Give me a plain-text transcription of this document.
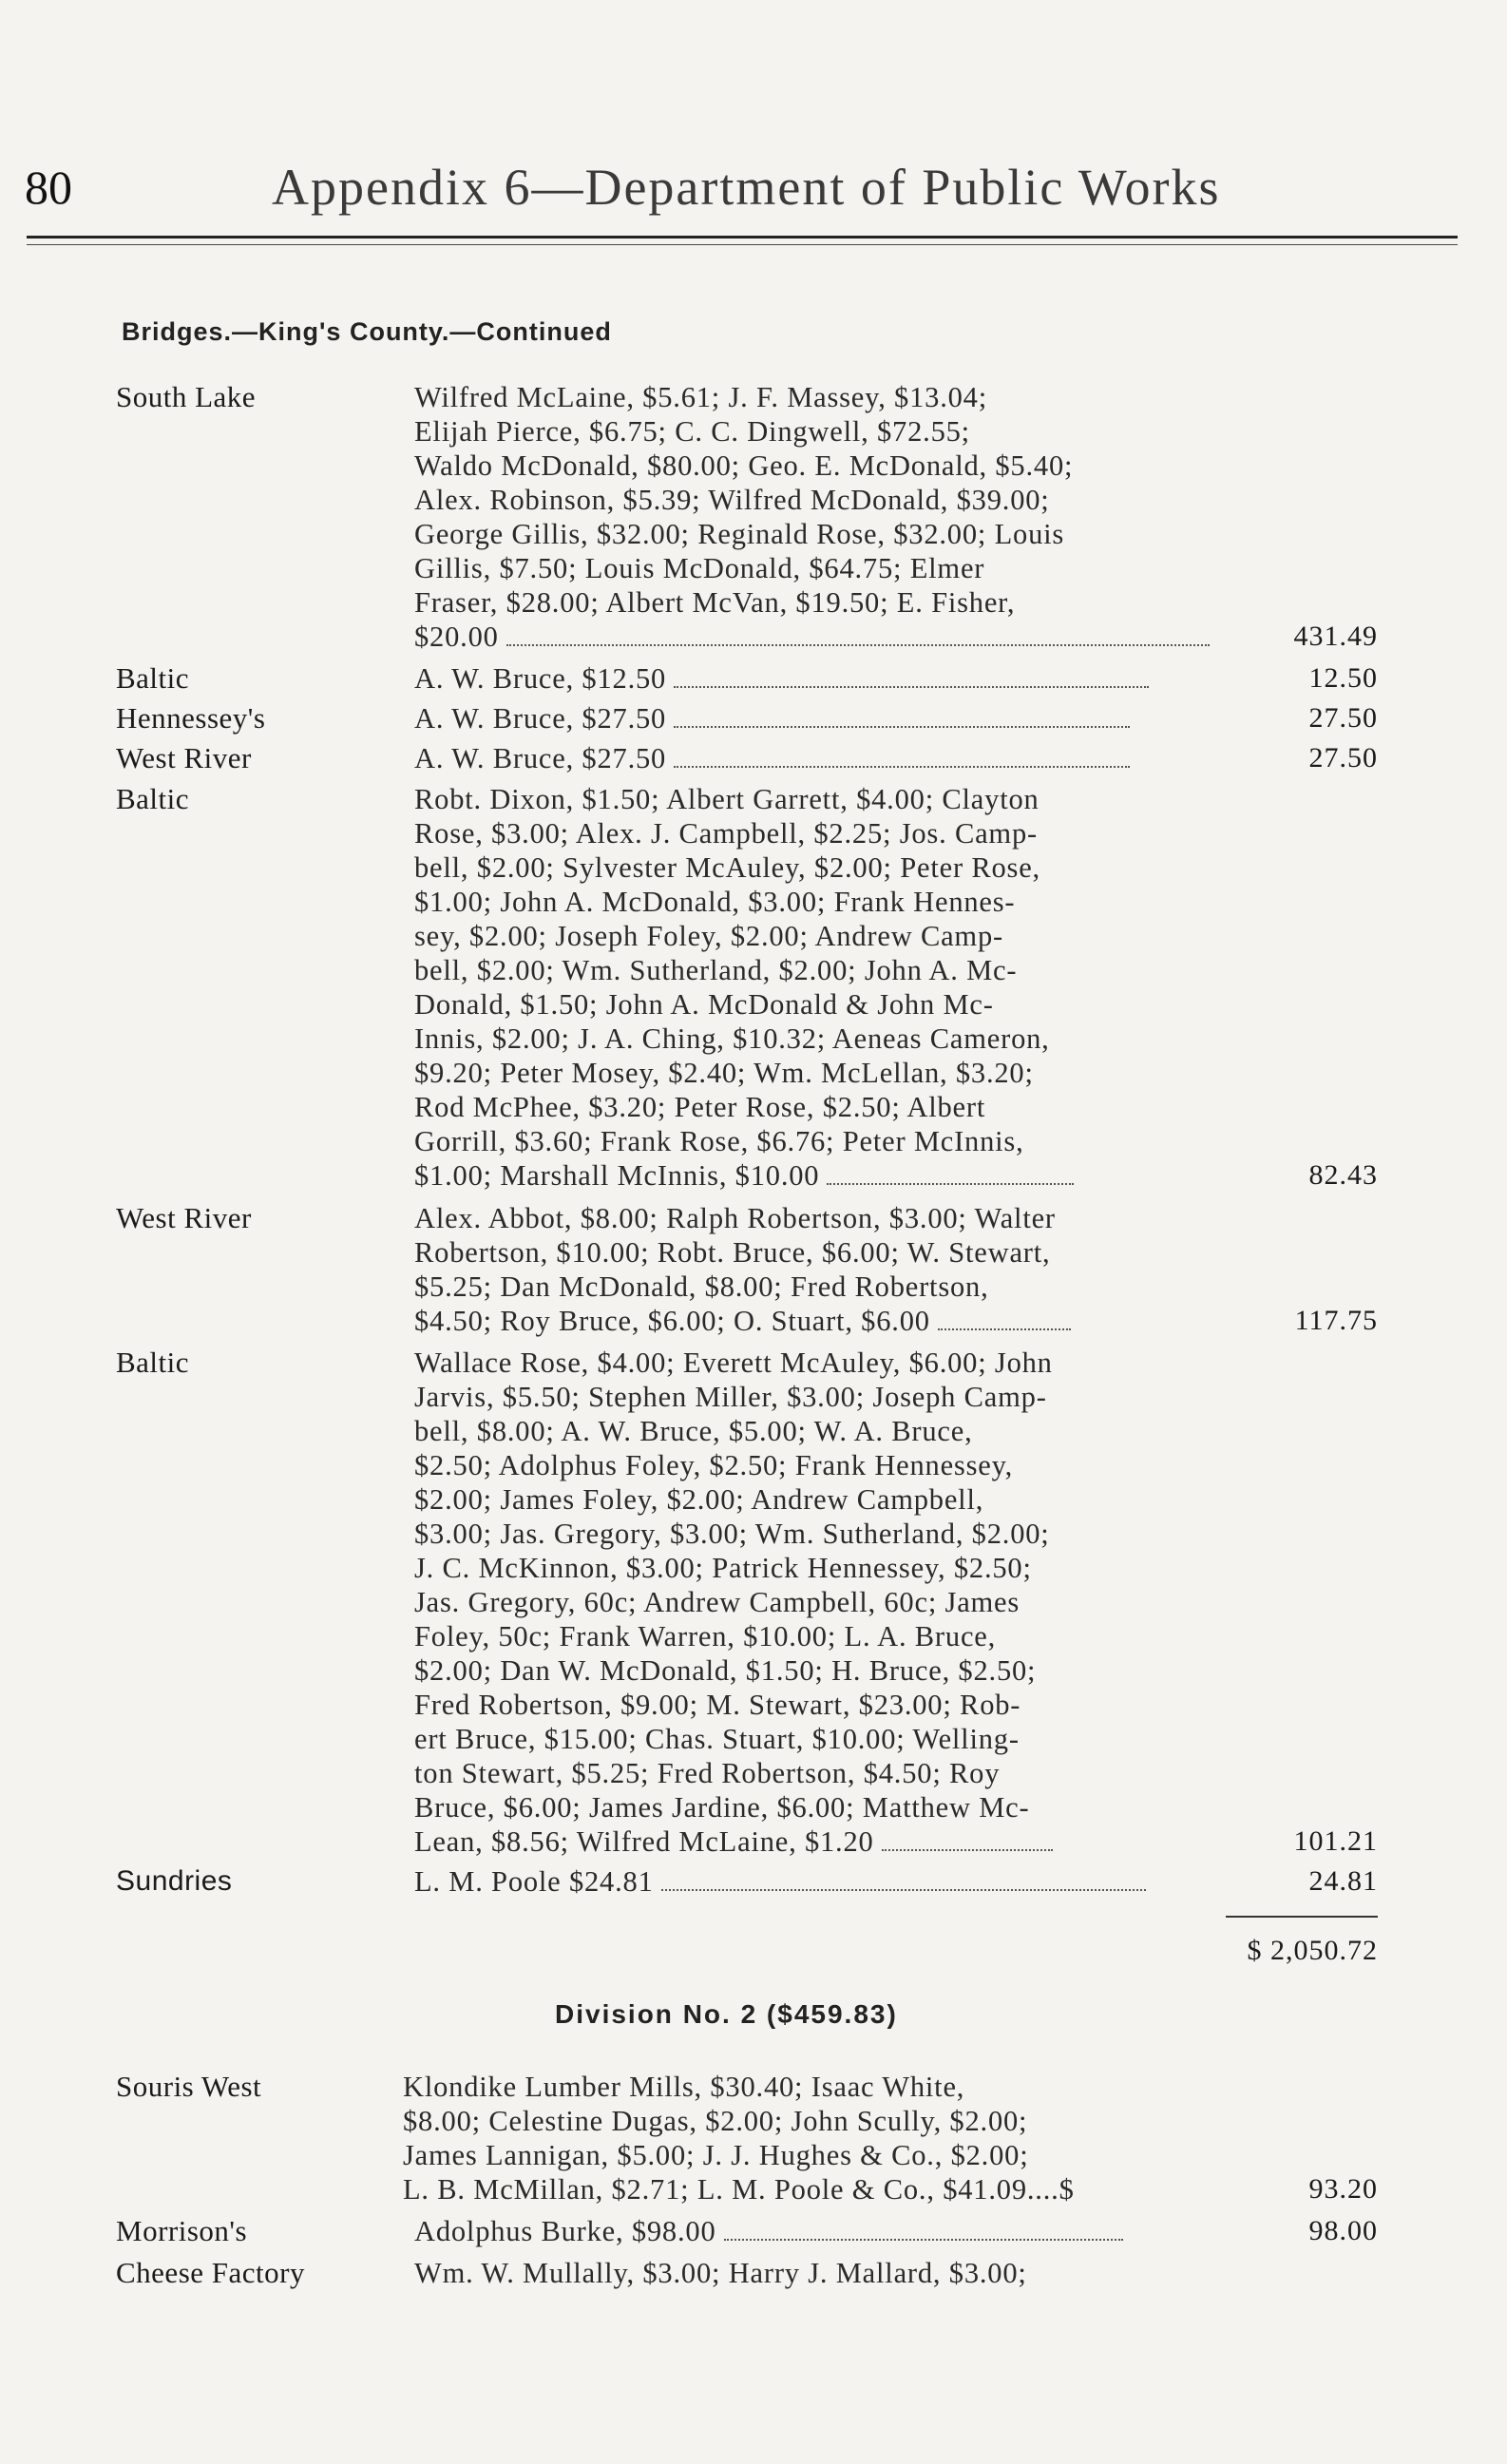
80	Appendix 6—Department of Public Works
Bridges.—King's County.—Continued
South Lake	Wilfred McLaine, $5.61; J. F. Massey, $13.04;
Elijah Pierce, $6.75; C. C. Dingwell, $72.55;
Waldo McDonald, $80.00; Geo. E. McDonald, $5.40;
Alex. Robinson, $5.39; Wilfred McDonald, $39.00;
George Gillis, $32.00; Reginald Rose, $32.00; Louis
Gillis, $7.50; Louis McDonald, $64.75; Elmer
Fraser, $28.00; Albert McVan, $19.50; E. Fisher,
$20.00	431.49
Baltic	A. W. Bruce, $12.50	12.50
Hennessey's	A. W. Bruce, $27.50	27.50
West River	A. W. Bruce, $27.50	27.50
Baltic	Robt. Dixon, $1.50; Albert Garrett, $4.00; Clayton
Rose, $3.00; Alex. J. Campbell, $2.25; Jos. Camp-
bell, $2.00; Sylvester McAuley, $2.00; Peter Rose,
$1.00; John A. McDonald, $3.00; Frank Hennes-
sey, $2.00; Joseph Foley, $2.00; Andrew Camp-
bell, $2.00; Wm. Sutherland, $2.00; John A. Mc-
Donald, $1.50; John A. McDonald & John Mc-
Innis, $2.00; J. A. Ching, $10.32; Aeneas Cameron,
$9.20; Peter Mosey, $2.40; Wm. McLellan, $3.20;
Rod McPhee, $3.20; Peter Rose, $2.50; Albert
Gorrill, $3.60; Frank Rose, $6.76; Peter McInnis,
$1.00; Marshall McInnis, $10.00	82.43
West River	Alex. Abbot, $8.00; Ralph Robertson, $3.00; Walter
Robertson, $10.00; Robt. Bruce, $6.00; W. Stewart,
$5.25; Dan McDonald, $8.00; Fred Robertson,
$4.50; Roy Bruce, $6.00; O. Stuart, $6.00	117.75
Baltic	Wallace Rose, $4.00; Everett McAuley, $6.00; John
Jarvis, $5.50; Stephen Miller, $3.00; Joseph Camp-
bell, $8.00; A. W. Bruce, $5.00; W. A. Bruce,
$2.50; Adolphus Foley, $2.50; Frank Hennessey,
$2.00; James Foley, $2.00; Andrew Campbell,
$3.00; Jas. Gregory, $3.00; Wm. Sutherland, $2.00;
J. C. McKinnon, $3.00; Patrick Hennessey, $2.50;
Jas. Gregory, 60c; Andrew Campbell, 60c; James
Foley, 50c; Frank Warren, $10.00; L. A. Bruce,
$2.00; Dan W. McDonald, $1.50; H. Bruce, $2.50;
Fred Robertson, $9.00; M. Stewart, $23.00; Rob-
ert Bruce, $15.00; Chas. Stuart, $10.00; Welling-
ton Stewart, $5.25; Fred Robertson, $4.50; Roy
Bruce, $6.00; James Jardine, $6.00; Matthew Mc-
Lean, $8.56; Wilfred McLaine, $1.20	101.21
Sundries	L. M. Poole $24.81	24.81
$ 2,050.72
Division No. 2 ($459.83)
Souris West	Klondike Lumber Mills, $30.40; Isaac White,
$8.00; Celestine Dugas, $2.00; John Scully, $2.00;
James Lannigan, $5.00; J. J. Hughes & Co., $2.00;
L. B. McMillan, $2.71; L. M. Poole & Co., $41.09....$	93.20
Morrison's	Adolphus Burke, $98.00	98.00
Cheese Factory	Wm. W. Mullally, $3.00; Harry J. Mallard, $3.00;
